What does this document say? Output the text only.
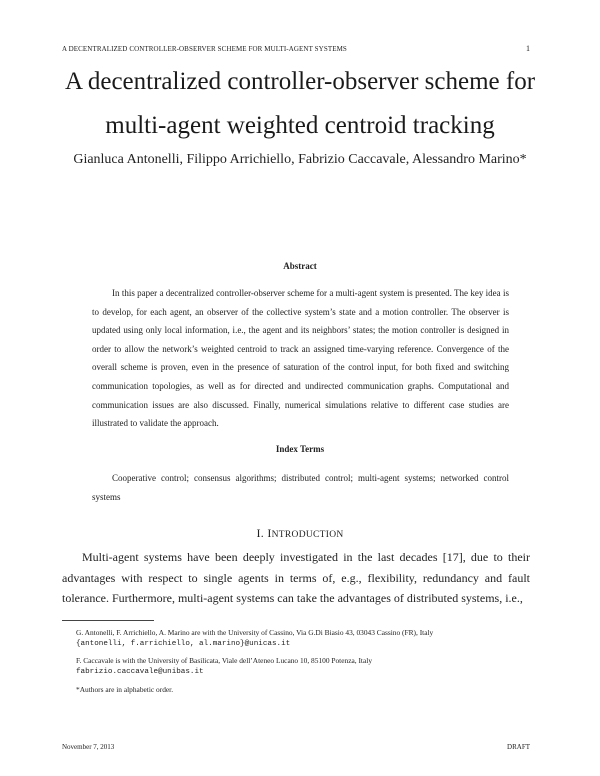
A DECENTRALIZED CONTROLLER-OBSERVER SCHEME FOR MULTI-AGENT SYSTEMS	1
A decentralized controller-observer scheme for
multi-agent weighted centroid tracking
Gianluca Antonelli, Filippo Arrichiello, Fabrizio Caccavale, Alessandro Marino*
Abstract
In this paper a decentralized controller-observer scheme for a multi-agent system is presented. The key idea is to develop, for each agent, an observer of the collective system’s state and a motion controller. The observer is updated using only local information, i.e., the agent and its neighbors’ states; the motion controller is designed in order to allow the network’s weighted centroid to track an assigned time-varying reference. Convergence of the overall scheme is proven, even in the presence of saturation of the control input, for both fixed and switching communication topologies, as well as for directed and undirected communication graphs. Computational and communication issues are also discussed. Finally, numerical simulations relative to different case studies are illustrated to validate the approach.
Index Terms
Cooperative control; consensus algorithms; distributed control; multi-agent systems; networked control systems
I. INTRODUCTION
Multi-agent systems have been deeply investigated in the last decades [17], due to their advantages with respect to single agents in terms of, e.g., flexibility, redundancy and fault tolerance. Furthermore, multi-agent systems can take the advantages of distributed systems, i.e.,
G. Antonelli, F. Arrichiello, A. Marino are with the University of Cassino, Via G.Di Biasio 43, 03043 Cassino (FR), Italy
{antonelli, f.arrichiello, al.marino}@unicas.it
F. Caccavale is with the University of Basilicata, Viale dell’Ateneo Lucano 10, 85100 Potenza, Italy
fabrizio.caccavale@unibas.it
*Authors are in alphabetic order.
November 7, 2013	DRAFT
